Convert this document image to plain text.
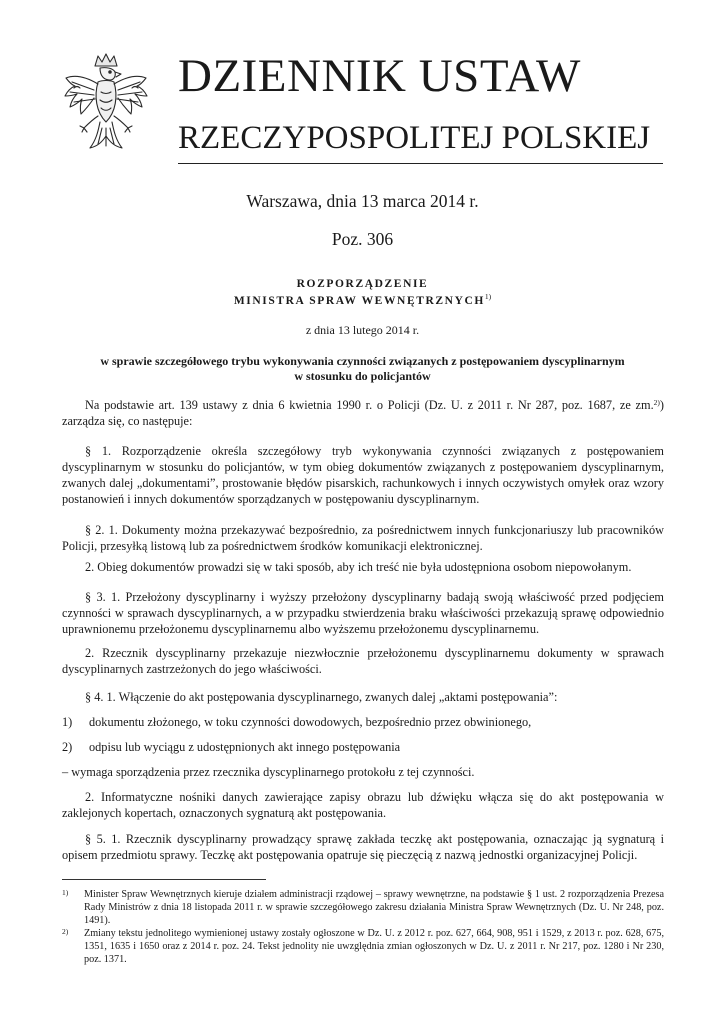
DZIENNIK USTAW
RZECZYPOSPOLITEJ POLSKIEJ
Warszawa, dnia 13 marca 2014 r.
Poz. 306
ROZPORZĄDZENIE
MINISTRA SPRAW WEWNĘTRZNYCH$^{1)}$
z dnia 13 lutego 2014 r.
w sprawie szczegółowego trybu wykonywania czynności związanych z postępowaniem dyscyplinarnym
w stosunku do policjantów

Na podstawie art. 139 ustawy z dnia 6 kwietnia 1990 r. o Policji (Dz. U. z 2011 r. Nr 287, poz. 1687, ze zm.$^{2)}$) zarządza się, co następuje:

§ 1. Rozporządzenie określa szczegółowy tryb wykonywania czynności związanych z postępowaniem dyscyplinarnym w stosunku do policjantów, w tym obieg dokumentów związanych z postępowaniem dyscyplinarnym, zwanych dalej „dokumentami”, prostowanie błędów pisarskich, rachunkowych i innych oczywistych omyłek oraz wzory postanowień i innych dokumentów sporządzanych w postępowaniu dyscyplinarnym.

§ 2. 1. Dokumenty można przekazywać bezpośrednio, za pośrednictwem innych funkcjonariuszy lub pracowników Policji, przesyłką listową lub za pośrednictwem środków komunikacji elektronicznej.

2. Obieg dokumentów prowadzi się w taki sposób, aby ich treść nie była udostępniona osobom niepowołanym.

§ 3. 1. Przełożony dyscyplinarny i wyższy przełożony dyscyplinarny badają swoją właściwość przed podjęciem czynności w sprawach dyscyplinarnych, a w przypadku stwierdzenia braku właściwości przekazują sprawę odpowiednio uprawnionemu przełożonemu dyscyplinarnemu albo wyższemu przełożonemu dyscyplinarnemu.

2. Rzecznik dyscyplinarny przekazuje niezwłocznie przełożonemu dyscyplinarnemu dokumenty w sprawach dyscyplinarnych zastrzeżonych do jego właściwości.

§ 4. 1. Włączenie do akt postępowania dyscyplinarnego, zwanych dalej „aktami postępowania”:

1) dokumentu złożonego, w toku czynności dowodowych, bezpośrednio przez obwinionego,
2) odpisu lub wyciągu z udostępnionych akt innego postępowania

– wymaga sporządzenia przez rzecznika dyscyplinarnego protokołu z tej czynności.

2. Informatyczne nośniki danych zawierające zapisy obrazu lub dźwięku włącza się do akt postępowania w zaklejonych kopertach, oznaczonych sygnaturą akt postępowania.

§ 5. 1. Rzecznik dyscyplinarny prowadzący sprawę zakłada teczkę akt postępowania, oznaczając ją sygnaturą i opisem przedmiotu sprawy. Teczkę akt postępowania opatruje się pieczęcią z nazwą jednostki organizacyjnej Policji.

1) Minister Spraw Wewnętrznych kieruje działem administracji rządowej – sprawy wewnętrzne, na podstawie § 1 ust. 2 rozporządzenia Prezesa Rady Ministrów z dnia 18 listopada 2011 r. w sprawie szczegółowego zakresu działania Ministra Spraw Wewnętrznych (Dz. U. Nr 248, poz. 1491).
2) Zmiany tekstu jednolitego wymienionej ustawy zostały ogłoszone w Dz. U. z 2012 r. poz. 627, 664, 908, 951 i 1529, z 2013 r. poz. 628, 675, 1351, 1635 i 1650 oraz z 2014 r. poz. 24. Tekst jednolity nie uwzględnia zmian ogłoszonych w Dz. U. z 2011 r. Nr 217, poz. 1280 i Nr 230, poz. 1371.
